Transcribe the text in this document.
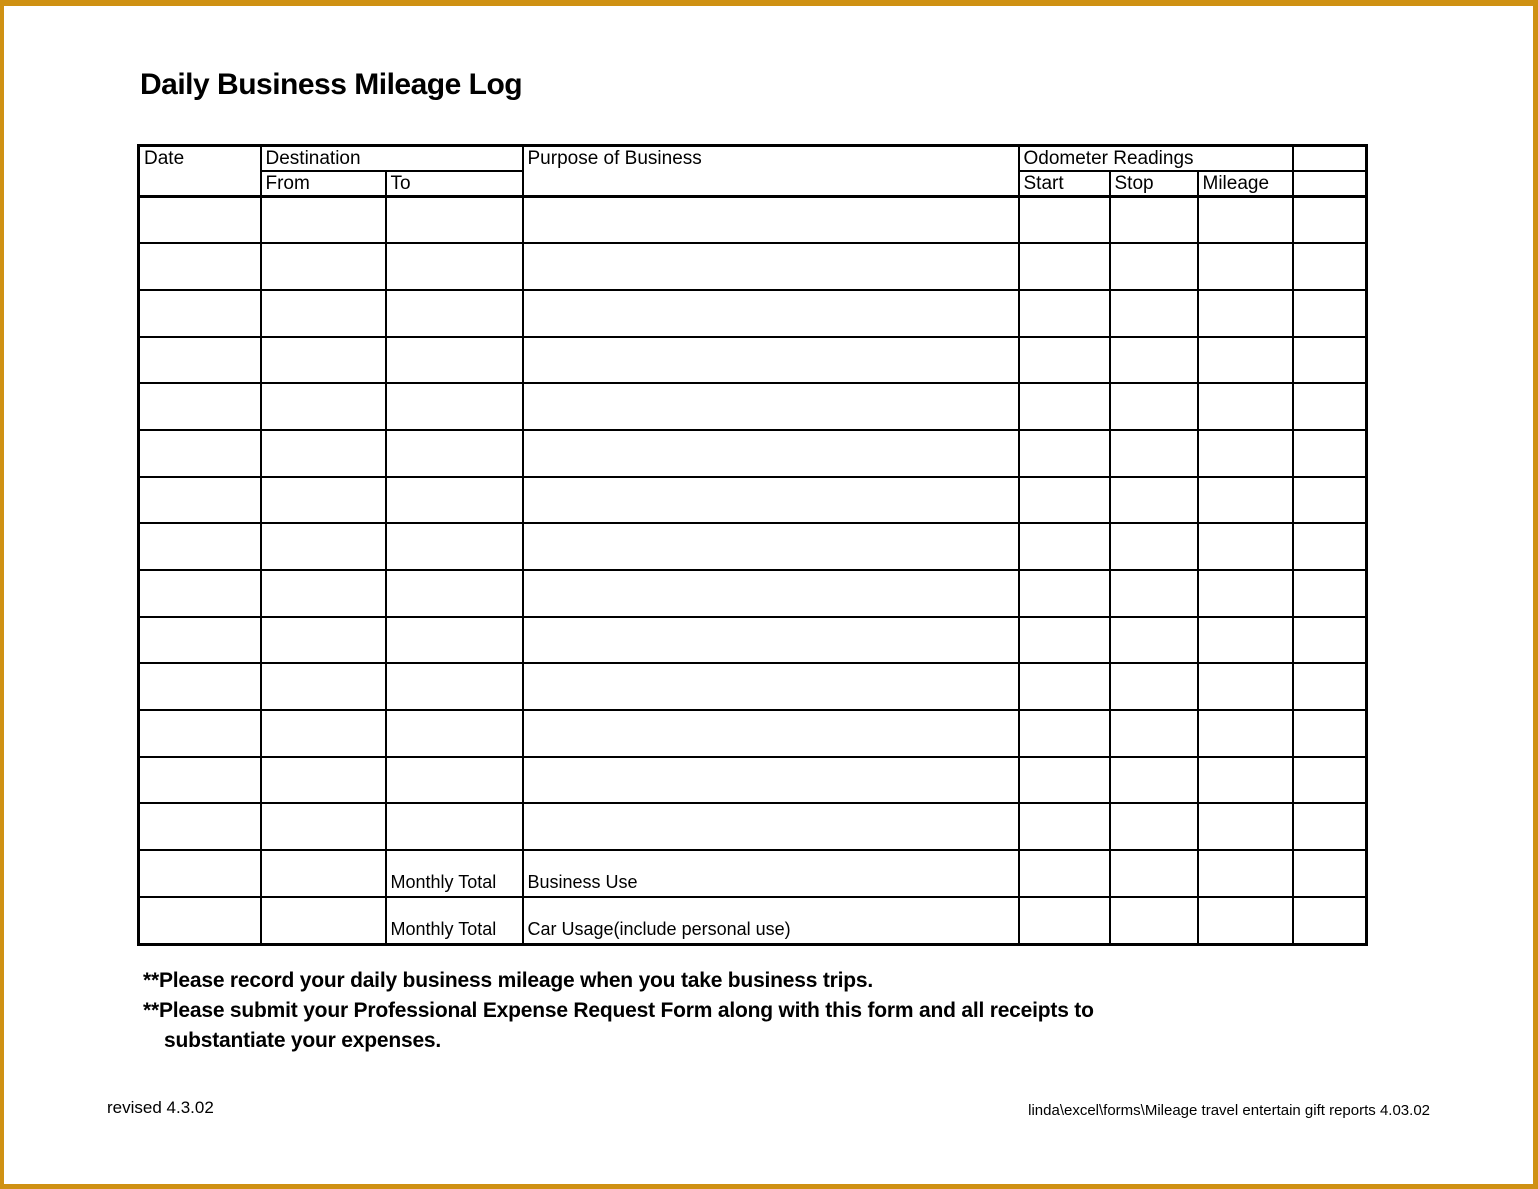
Daily Business Mileage Log
Date	Destination		Purpose of Business	Odometer Readings			
	From	To		Start	Stop	Mileage	

		Monthly Total	Business Use				
		Monthly Total	Car Usage(include personal use)				
**Please record your daily business mileage when you take business trips.
**Please submit your Professional Expense Request Form along with this form and all receipts to
substantiate your expenses.
revised 4.3.02	linda\excel\forms\Mileage travel entertain gift reports 4.03.02
